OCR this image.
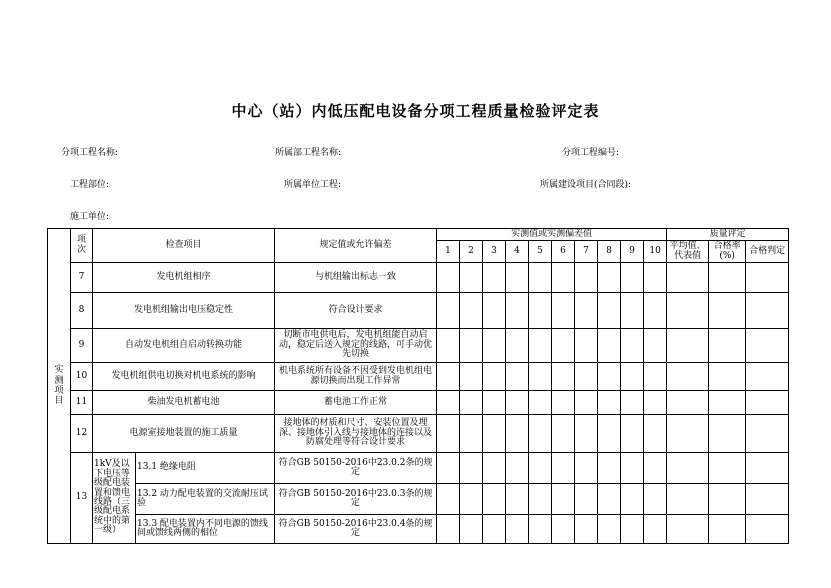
中心（站）内低压配电设备分项工程质量检验评定表
分项工程名称:	所属部工程名称:	分项工程编号:
工程部位:	所属单位工程:	所属建设项目(合同段):
施工单位:
实测项目	项次	检查项目		规定值或允许偏差	实测值或实测偏差值										质量评定		
					1	2	3	4	5	6	7	8	9	10	平均值、代表值	合格率(%)	合格判定
	7	发电机组相序		与机组输出标志一致													
	8	发电机组输出电压稳定性		符合设计要求													
	9	自动发电机组自启动转换功能		切断市电供电后，发电机组能自动启动，稳定后送入规定的线路，可手动优先切换													
	10	发电机组供电切换对机电系统的影响		机电系统所有设备不因受到发电机组电源切换而出现工作异常													
	11	柴油发电机蓄电池		蓄电池工作正常													
	12	电源室接地装置的施工质量		接地体的材质和尺寸、安装位置及埋深、接地体引入线与接地体的连接以及防腐处理等符合设计要求													
	13	1kV及以下电压等级配电装置和馈电线路（三级配电系统中的第一级）	13.1 绝缘电阻	符合GB 50150-2016中23.0.2条的规定													
			13.2 动力配电装置的交流耐压试验	符合GB 50150-2016中23.0.3条的规定													
			13.3 配电装置内不同电源的馈线间或馈线两侧的相位	符合GB 50150-2016中23.0.4条的规定													
